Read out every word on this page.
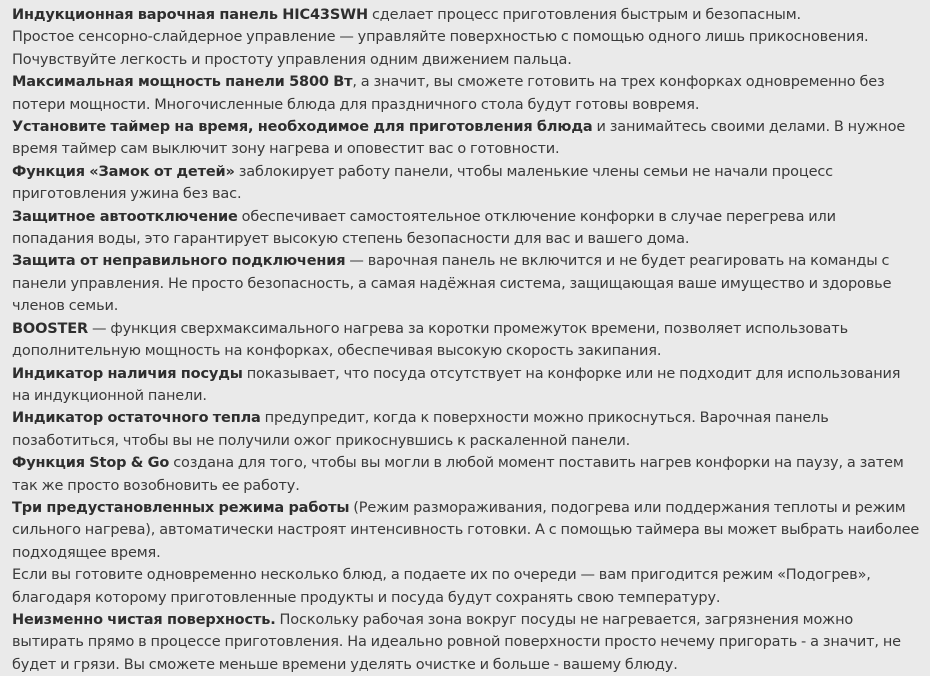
Индукционная варочная панель HIC43SWH сделает процесс приготовления быстрым и безопасным.

Простое сенсорно-слайдерное управление — управляйте поверхностью с помощью одного лишь прикосновения. Почувствуйте легкость и простоту управления одним движением пальца.

Максимальная мощность панели 5800 Вт, а значит, вы сможете готовить на трех конфорках одновременно без потери мощности. Многочисленные блюда для праздничного стола будут готовы вовремя.

Установите таймер на время, необходимое для приготовления блюда и занимайтесь своими делами. В нужное время таймер сам выключит зону нагрева и оповестит вас о готовности.

Функция «Замок от детей» заблокирует работу панели, чтобы маленькие члены семьи не начали процесс приготовления ужина без вас.

Защитное автоотключение обеспечивает самостоятельное отключение конфорки в случае перегрева или попадания воды, это гарантирует высокую степень безопасности для вас и вашего дома.

Защита от неправильного подключения — варочная панель не включится и не будет реагировать на команды с панели управления. Не просто безопасность, а самая надёжная система, защищающая ваше имущество и здоровье членов семьи.

BOOSTER — функция сверхмаксимального нагрева за коротки промежуток времени, позволяет использовать дополнительную мощность на конфорках, обеспечивая высокую скорость закипания.

Индикатор наличия посуды показывает, что посуда отсутствует на конфорке или не подходит для использования на индукционной панели.

Индикатор остаточного тепла предупредит, когда к поверхности можно прикоснуться. Варочная панель позаботиться, чтобы вы не получили ожог прикоснувшись к раскаленной панели.

Функция Stop & Go создана для того, чтобы вы могли в любой момент поставить нагрев конфорки на паузу, а затем так же просто возобновить ее работу.

Три предустановленных режима работы (Режим размораживания, подогрева или поддержания теплоты и режим сильного нагрева), автоматически настроят интенсивность готовки. А с помощью таймера вы может выбрать наиболее подходящее время.

Если вы готовите одновременно несколько блюд, а подаете их по очереди — вам пригодится режим «Подогрев», благодаря которому приготовленные продукты и посуда будут сохранять свою температуру.

Неизменно чистая поверхность. Поскольку рабочая зона вокруг посуды не нагревается, загрязнения можно вытирать прямо в процессе приготовления. На идеально ровной поверхности просто нечему пригорать - а значит, не будет и грязи. Вы сможете меньше времени уделять очистке и больше - вашему блюду.
